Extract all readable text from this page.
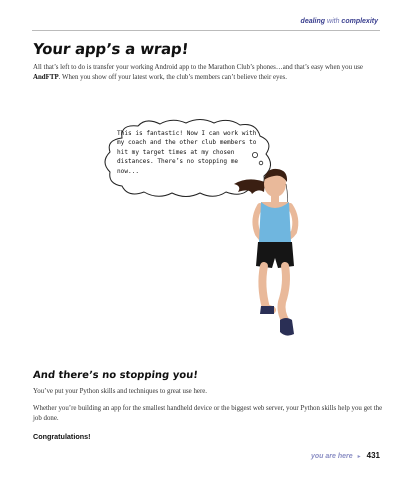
dealing with complexity
Your app’s a wrap!

All that’s left to do is transfer your working Android app to the Marathon Club’s phones…and that’s easy when you use AndFTP. When you show off your latest work, the club’s members can’t believe their eyes.

This is fantastic! Now I can work with my coach and the other club members to hit my target times at my chosen distances. There’s no stopping me now...

And there’s no stopping you!

You’ve put your Python skills and techniques to great use here.

Whether you’re building an app for the smallest handheld device or the biggest web server, your Python skills help you get the job done.

Congratulations!

you are here ▸ 431
